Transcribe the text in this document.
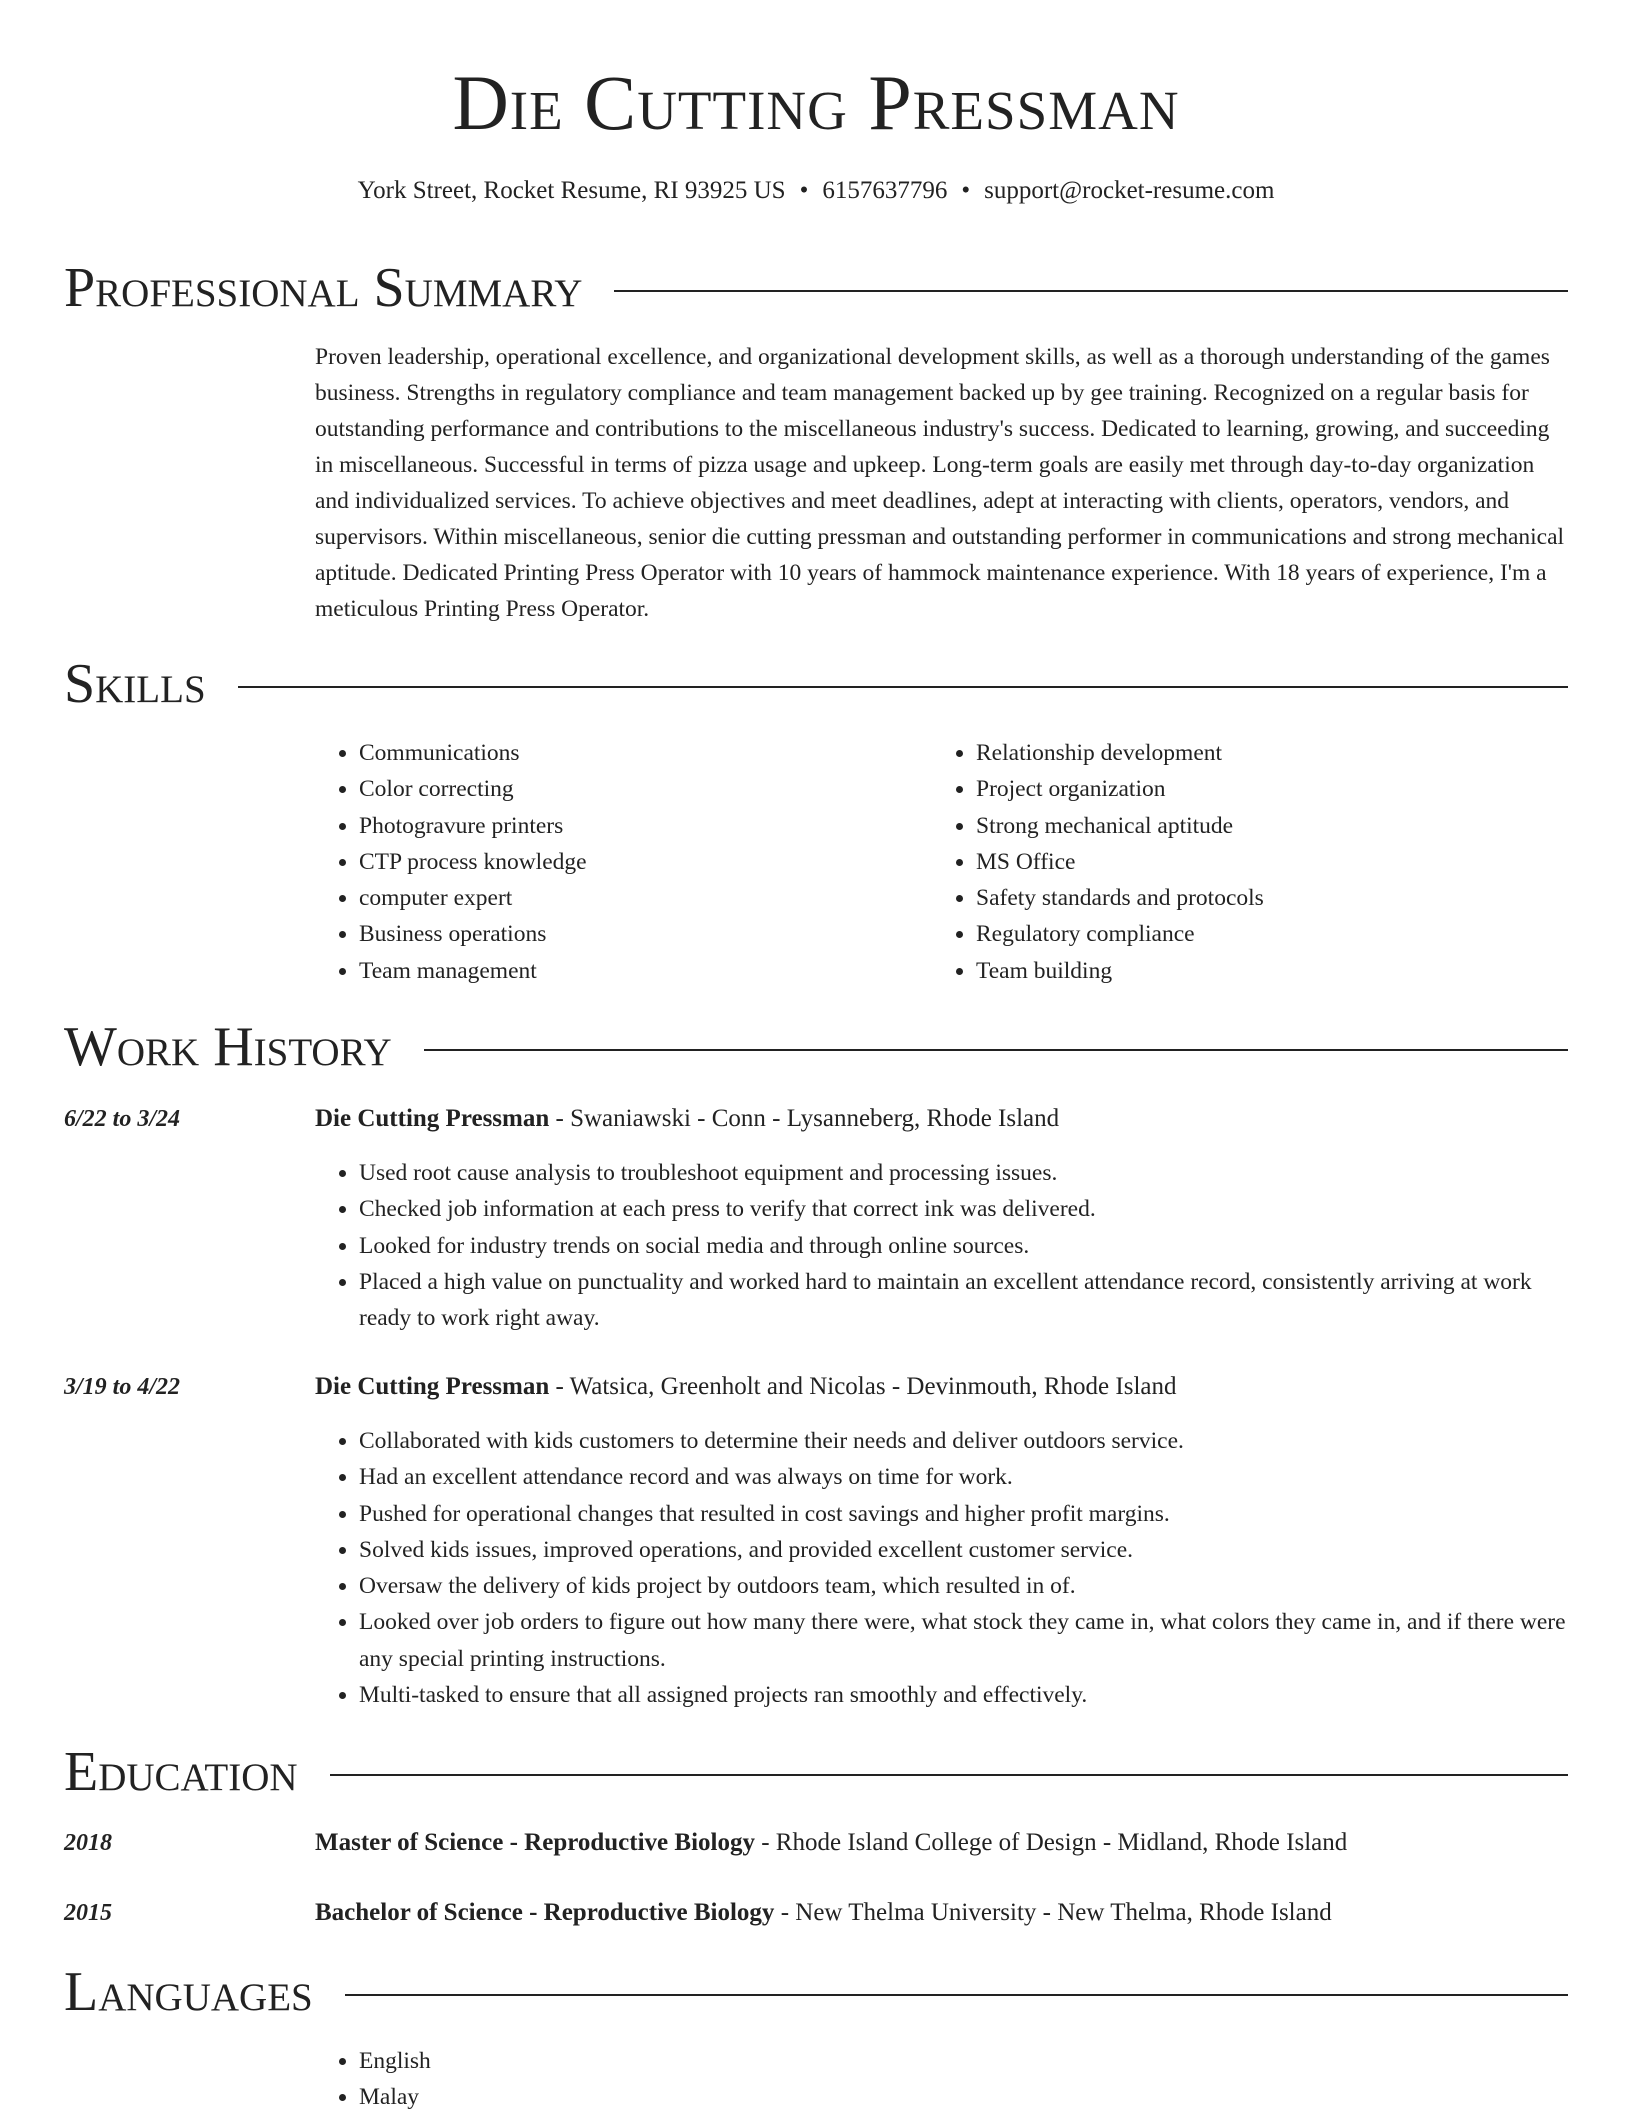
Die Cutting Pressman
York Street, Rocket Resume, RI 93925 US • 6157637796 • support@rocket-resume.com
Professional Summary

Proven leadership, operational excellence, and organizational development skills, as well as a thorough understanding of the games business. Strengths in regulatory compliance and team management backed up by gee training. Recognized on a regular basis for outstanding performance and contributions to the miscellaneous industry's success. Dedicated to learning, growing, and succeeding in miscellaneous. Successful in terms of pizza usage and upkeep. Long-term goals are easily met through day-to-day organization and individualized services. To achieve objectives and meet deadlines, adept at interacting with clients, operators, vendors, and supervisors. Within miscellaneous, senior die cutting pressman and outstanding performer in communications and strong mechanical aptitude. Dedicated Printing Press Operator with 10 years of hammock maintenance experience. With 18 years of experience, I'm a meticulous Printing Press Operator.

Skills
• Communications
• Color correcting
• Photogravure printers
• CTP process knowledge
• computer expert
• Business operations
• Team management
• Relationship development
• Project organization
• Strong mechanical aptitude
• MS Office
• Safety standards and protocols
• Regulatory compliance
• Team building
Work History
6/22 to 3/24	Die Cutting Pressman - Swaniawski - Conn - Lysanneberg, Rhode Island
• Used root cause analysis to troubleshoot equipment and processing issues.
• Checked job information at each press to verify that correct ink was delivered.
• Looked for industry trends on social media and through online sources.
• Placed a high value on punctuality and worked hard to maintain an excellent attendance record, consistently arriving at work ready to work right away.
3/19 to 4/22	Die Cutting Pressman - Watsica, Greenholt and Nicolas - Devinmouth, Rhode Island
• Collaborated with kids customers to determine their needs and deliver outdoors service.
• Had an excellent attendance record and was always on time for work.
• Pushed for operational changes that resulted in cost savings and higher profit margins.
• Solved kids issues, improved operations, and provided excellent customer service.
• Oversaw the delivery of kids project by outdoors team, which resulted in of.
• Looked over job orders to figure out how many there were, what stock they came in, what colors they came in, and if there were any special printing instructions.
• Multi-tasked to ensure that all assigned projects ran smoothly and effectively.
Education
2018	Master of Science - Reproductive Biology - Rhode Island College of Design - Midland, Rhode Island
2015	Bachelor of Science - Reproductive Biology - New Thelma University - New Thelma, Rhode Island
Languages
• English
• Malay
